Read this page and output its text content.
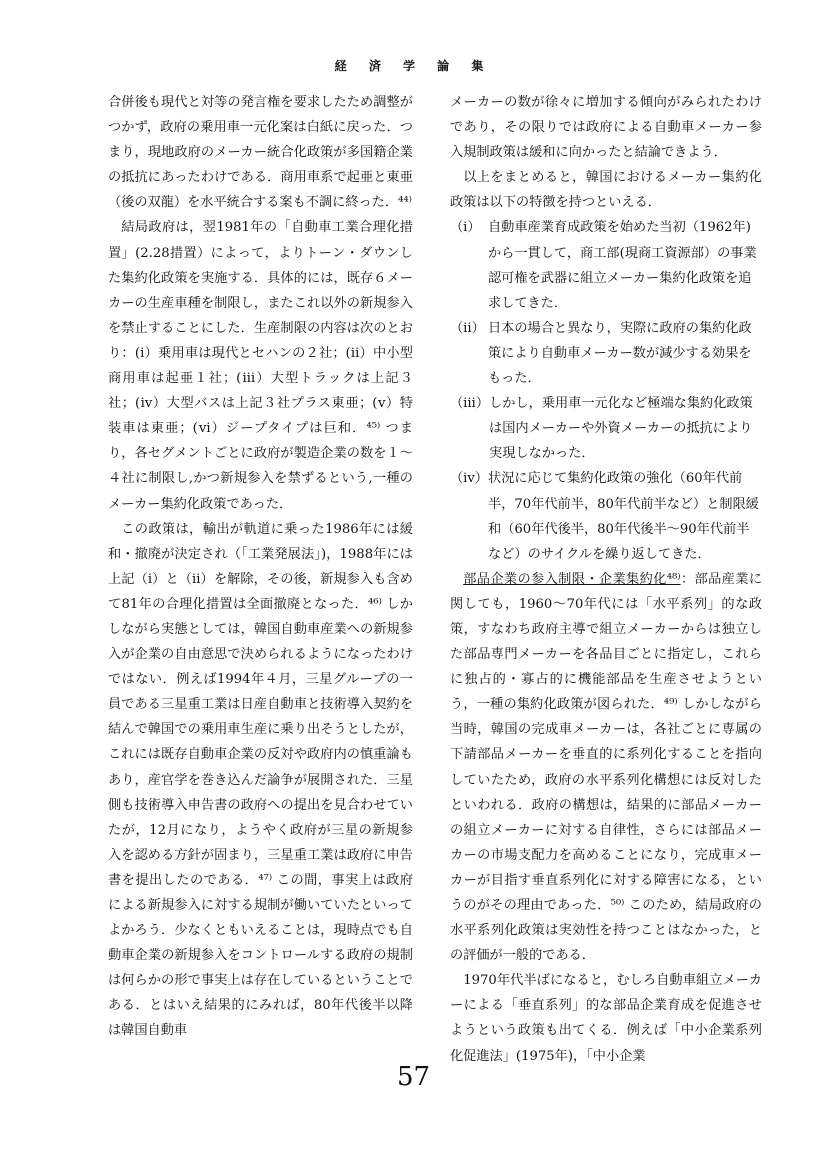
経 済 学 論 集

合併後も現代と対等の発言権を要求したため調整がつかず，政府の乗用車一元化案は白紙に戻った．つまり，現地政府のメーカー統合化政策が多国籍企業の抵抗にあったわけである．商用車系で起亜と東亜（後の双龍）を水平統合する案も不調に終った．⁴⁴⁾

結局政府は，翌1981年の「自動車工業合理化措置」(2.28措置）によって，よりトーン・ダウンした集約化政策を実施する．具体的には，既存６メーカーの生産車種を制限し，またこれ以外の新規参入を禁止することにした．生産制限の内容は次のとおり：(ⅰ）乗用車は現代とセハンの２社；(ⅱ）中小型商用車は起亜１社；(ⅲ）大型トラックは上記３社；(ⅳ）大型バスは上記３社プラス東亜；(ⅴ）特装車は東亜；(ⅵ）ジープタイプは巨和．⁴⁵⁾ つまり，各セグメントごとに政府が製造企業の数を１〜４社に制限し,かつ新規参入を禁ずるという,一種のメーカー集約化政策であった．

この政策は，輸出が軌道に乗った1986年には緩和・撤廃が決定され（「工業発展法」)，1988年には上記（ⅰ）と（ⅱ）を解除，その後，新規参入も含めて81年の合理化措置は全面撤廃となった．⁴⁶⁾ しかしながら実態としては，韓国自動車産業への新規参入が企業の自由意思で決められるようになったわけではない．例えば1994年４月，三星グループの一員である三星重工業は日産自動車と技術導入契約を結んで韓国での乗用車生産に乗り出そうとしたが，これには既存自動車企業の反対や政府内の慎重論もあり，産官学を巻き込んだ論争が展開された．三星側も技術導入申告書の政府への提出を見合わせていたが，12月になり，ようやく政府が三星の新規参入を認める方針が固まり，三星重工業は政府に申告書を提出したのである．⁴⁷⁾ この間，事実上は政府による新規参入に対する規制が働いていたといってよかろう．少なくともいえることは，現時点でも自動車企業の新規参入をコントロールする政府の規制は何らかの形で事実上は存在しているということである．とはいえ結果的にみれば，80年代後半以降は韓国自動車

メーカーの数が徐々に増加する傾向がみられたわけであり，その限りでは政府による自動車メーカー参入規制政策は緩和に向かったと結論できよう．

以上をまとめると，韓国におけるメーカー集約化政策は以下の特徴を持つといえる．

（ⅰ） 自動車産業育成政策を始めた当初（1962年)から一貫して，商工部(現商工資源部）の事業認可権を武器に組立メーカー集約化政策を追求してきた．
（ⅱ） 日本の場合と異なり，実際に政府の集約化政策により自動車メーカー数が減少する効果をもった．
（ⅲ） しかし，乗用車一元化など極端な集約化政策は国内メーカーや外資メーカーの抵抗により実現しなかった．
（ⅳ） 状況に応じて集約化政策の強化（60年代前半，70年代前半，80年代前半など）と制限緩和（60年代後半，80年代後半〜90年代前半など）のサイクルを繰り返してきた．

部品企業の参入制限・企業集約化⁴⁸⁾：部品産業に関しても，1960〜70年代には「水平系列」的な政策，すなわち政府主導で組立メーカーからは独立した部品専門メーカーを各品目ごとに指定し，これらに独占的・寡占的に機能部品を生産させようという，一種の集約化政策が図られた．⁴⁹⁾ しかしながら当時，韓国の完成車メーカーは，各社ごとに専属の下請部品メーカーを垂直的に系列化することを指向していたため，政府の水平系列化構想には反対したといわれる．政府の構想は，結果的に部品メーカーの組立メーカーに対する自律性，さらには部品メーカーの市場支配力を高めることになり，完成車メーカーが目指す垂直系列化に対する障害になる，というのがその理由であった．⁵⁰⁾ このため，結局政府の水平系列化政策は実効性を持つことはなかった，との評価が一般的である．

1970年代半ばになると，むしろ自動車組立メーカーによる「垂直系列」的な部品企業育成を促進させようという政策も出てくる．例えば「中小企業系列化促進法」(1975年)，「中小企業

57
